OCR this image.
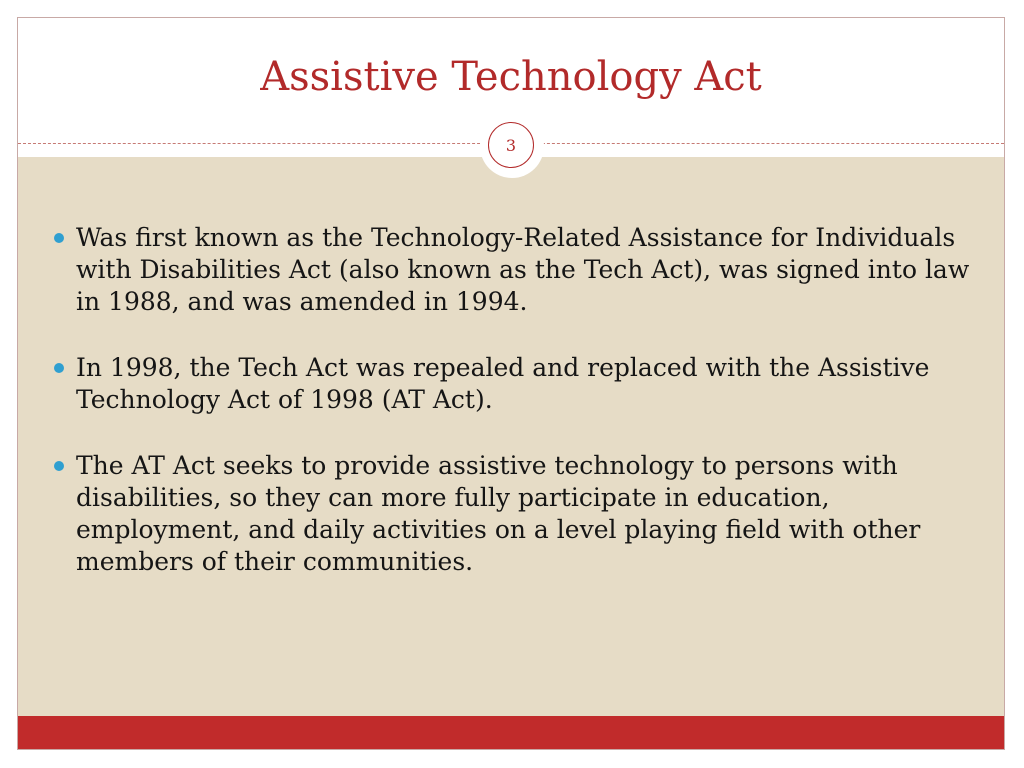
Assistive Technology Act
3
Was first known as the Technology-Related Assistance for Individuals with Disabilities Act (also known as the Tech Act), was signed into law in 1988, and was amended in 1994.
In 1998, the Tech Act was repealed and replaced with the Assistive Technology Act of 1998 (AT Act).
The AT Act seeks to provide assistive technology to persons with disabilities, so they can more fully participate in education, employment, and daily activities on a level playing field with other members of their communities.
